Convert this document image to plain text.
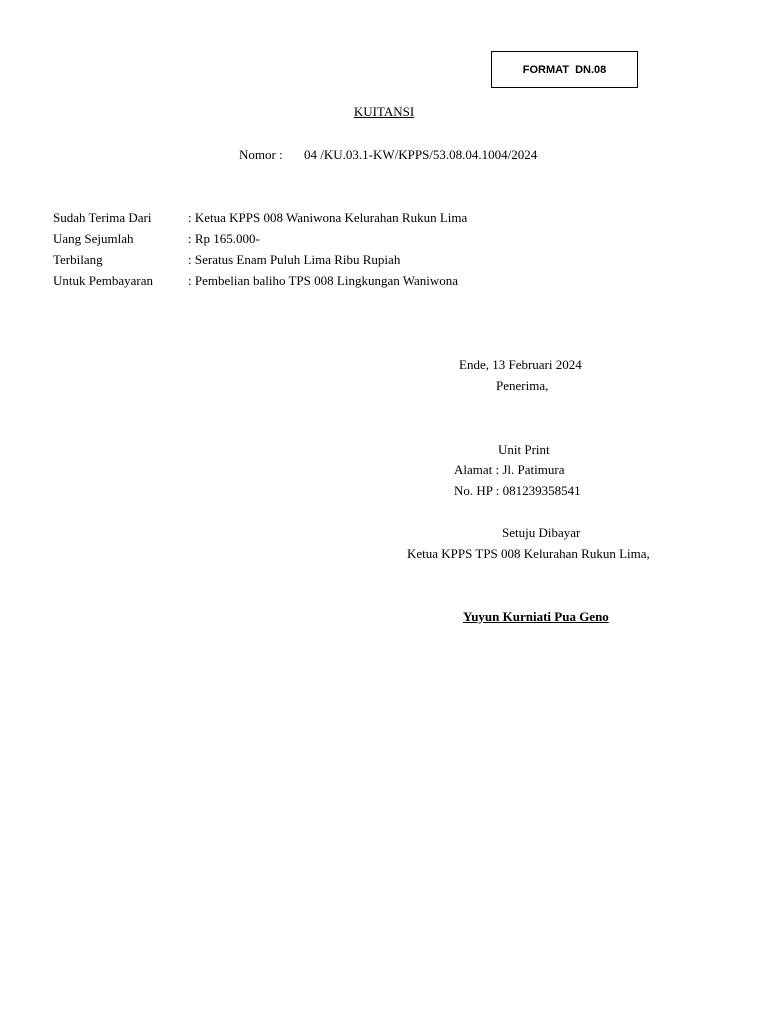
FORMAT  DN.08
KUITANSI
Nomor : 04 /KU.03.1-KW/KPPS/53.08.04.1004/2024
Sudah Terima Dari	: Ketua KPPS 008 Waniwona Kelurahan Rukun Lima
Uang Sejumlah	: Rp 165.000-
Terbilang	: Seratus Enam Puluh Lima Ribu Rupiah
Untuk Pembayaran	: Pembelian baliho TPS 008 Lingkungan Waniwona
Ende, 13 Februari 2024
Penerima,
Unit Print
Alamat : Jl. Patimura
No. HP : 081239358541
Setuju Dibayar
Ketua KPPS TPS 008 Kelurahan Rukun Lima,
Yuyun Kurniati Pua Geno
